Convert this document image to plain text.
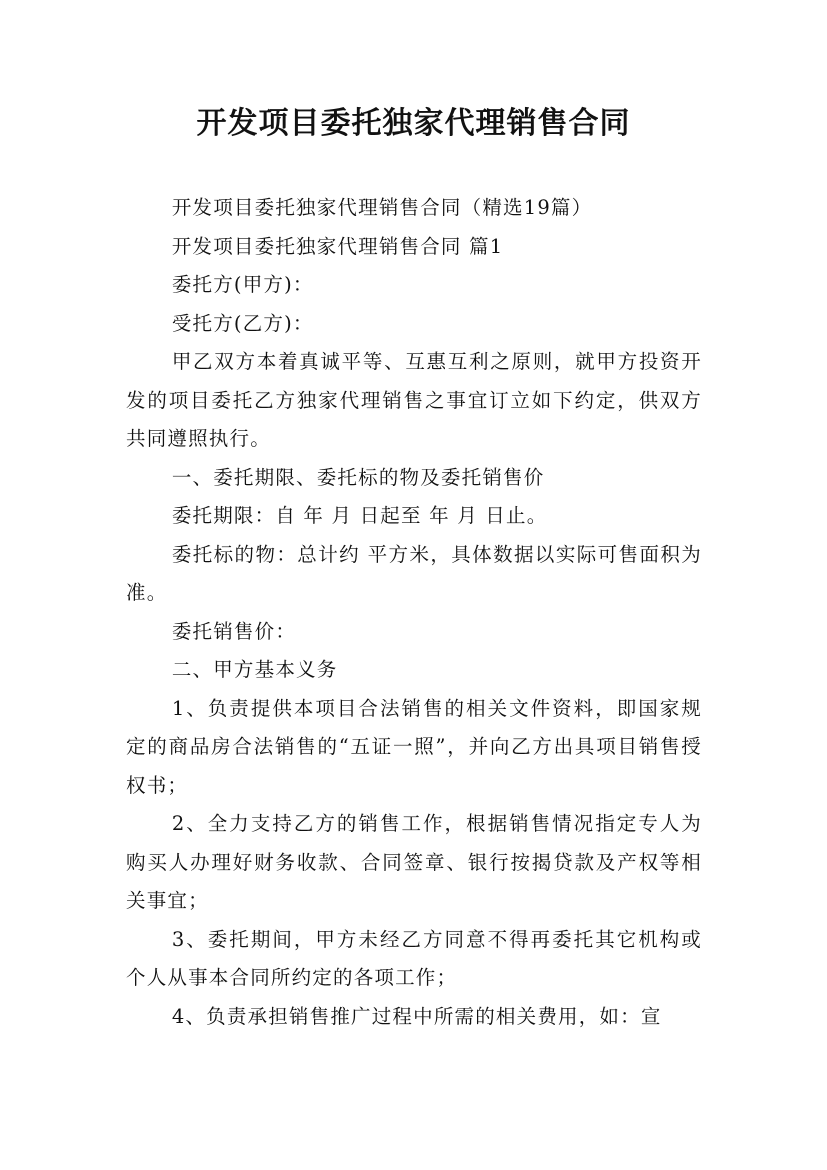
开发项目委托独家代理销售合同

开发项目委托独家代理销售合同（精选19篇）

开发项目委托独家代理销售合同 篇1

委托方(甲方)：

受托方(乙方)：

甲乙双方本着真诚平等、互惠互利之原则，就甲方投资开发的项目委托乙方独家代理销售之事宜订立如下约定，供双方共同遵照执行。

一、委托期限、委托标的物及委托销售价

委托期限：自 年 月 日起至 年 月 日止。

委托标的物：总计约 平方米，具体数据以实际可售面积为准。

委托销售价：

二、甲方基本义务

1、负责提供本项目合法销售的相关文件资料，即国家规定的商品房合法销售的“五证一照”，并向乙方出具项目销售授权书；

2、全力支持乙方的销售工作，根据销售情况指定专人为购买人办理好财务收款、合同签章、银行按揭贷款及产权等相关事宜；

3、委托期间，甲方未经乙方同意不得再委托其它机构或个人从事本合同所约定的各项工作；

4、负责承担销售推广过程中所需的相关费用，如：宣
